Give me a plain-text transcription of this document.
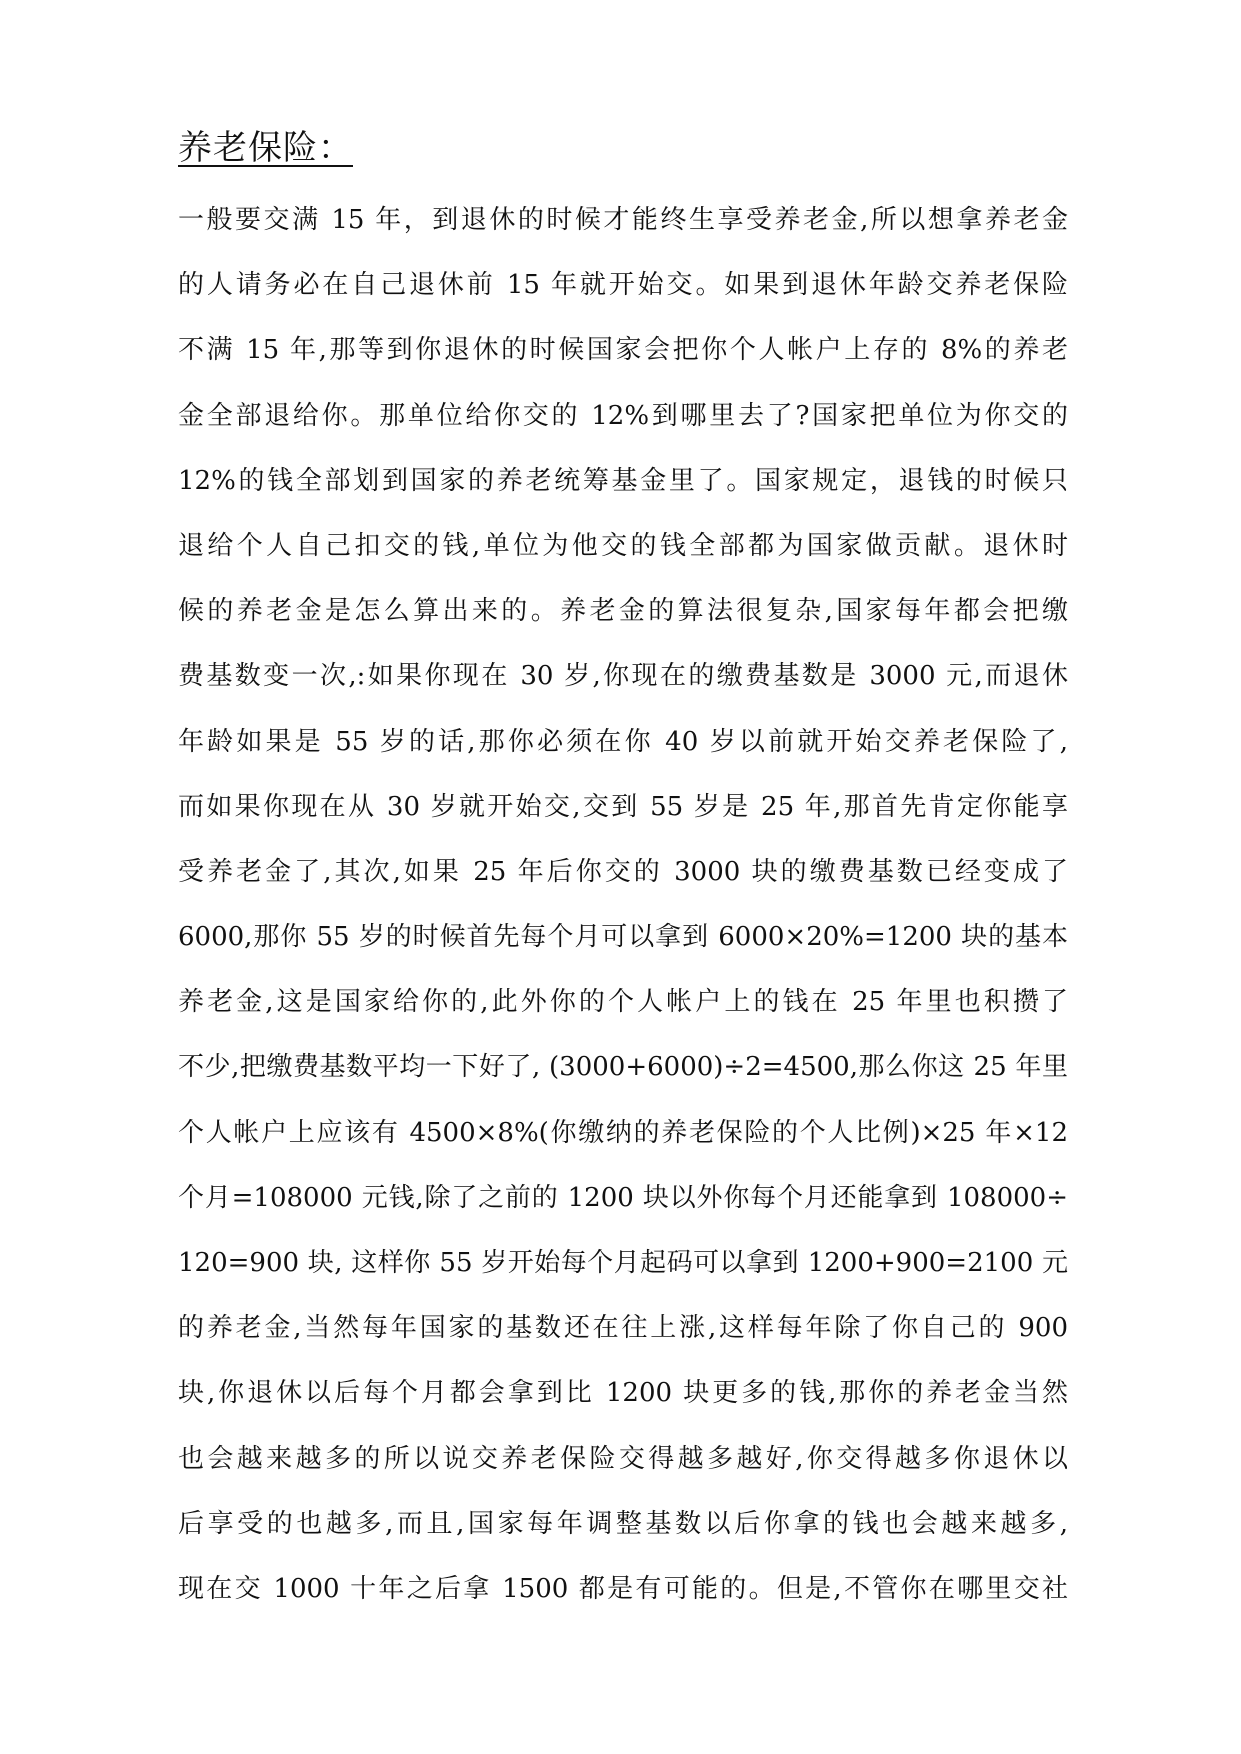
养老保险：
一般要交满 15 年，到退休的时候才能终生享受养老金,所以想拿养老金
的人请务必在自己退休前 15 年就开始交。如果到退休年龄交养老保险
不满 15 年,那等到你退休的时候国家会把你个人帐户上存的 8%的养老
金全部退给你。那单位给你交的 12%到哪里去了?国家把单位为你交的
12%的钱全部划到国家的养老统筹基金里了。国家规定，退钱的时候只
退给个人自己扣交的钱,单位为他交的钱全部都为国家做贡献。退休时
候的养老金是怎么算出来的。养老金的算法很复杂,国家每年都会把缴
费基数变一次,:如果你现在 30 岁,你现在的缴费基数是 3000 元,而退休
年龄如果是 55 岁的话,那你必须在你 40 岁以前就开始交养老保险了,
而如果你现在从 30 岁就开始交,交到 55 岁是 25 年,那首先肯定你能享
受养老金了,其次,如果 25 年后你交的 3000 块的缴费基数已经变成了
6000,那你 55 岁的时候首先每个月可以拿到 6000×20%=1200 块的基本
养老金,这是国家给你的,此外你的个人帐户上的钱在 25 年里也积攒了
不少,把缴费基数平均一下好了, (3000+6000)÷2=4500,那么你这 25 年里
个人帐户上应该有 4500×8%(你缴纳的养老保险的个人比例)×25 年×12
个月=108000 元钱,除了之前的 1200 块以外你每个月还能拿到 108000÷
120=900 块, 这样你 55 岁开始每个月起码可以拿到 1200+900=2100 元
的养老金,当然每年国家的基数还在往上涨,这样每年除了你自己的 900
块,你退休以后每个月都会拿到比 1200 块更多的钱,那你的养老金当然
也会越来越多的所以说交养老保险交得越多越好,你交得越多你退休以
后享受的也越多,而且,国家每年调整基数以后你拿的钱也会越来越多,
现在交 1000 十年之后拿 1500 都是有可能的。但是,不管你在哪里交社
